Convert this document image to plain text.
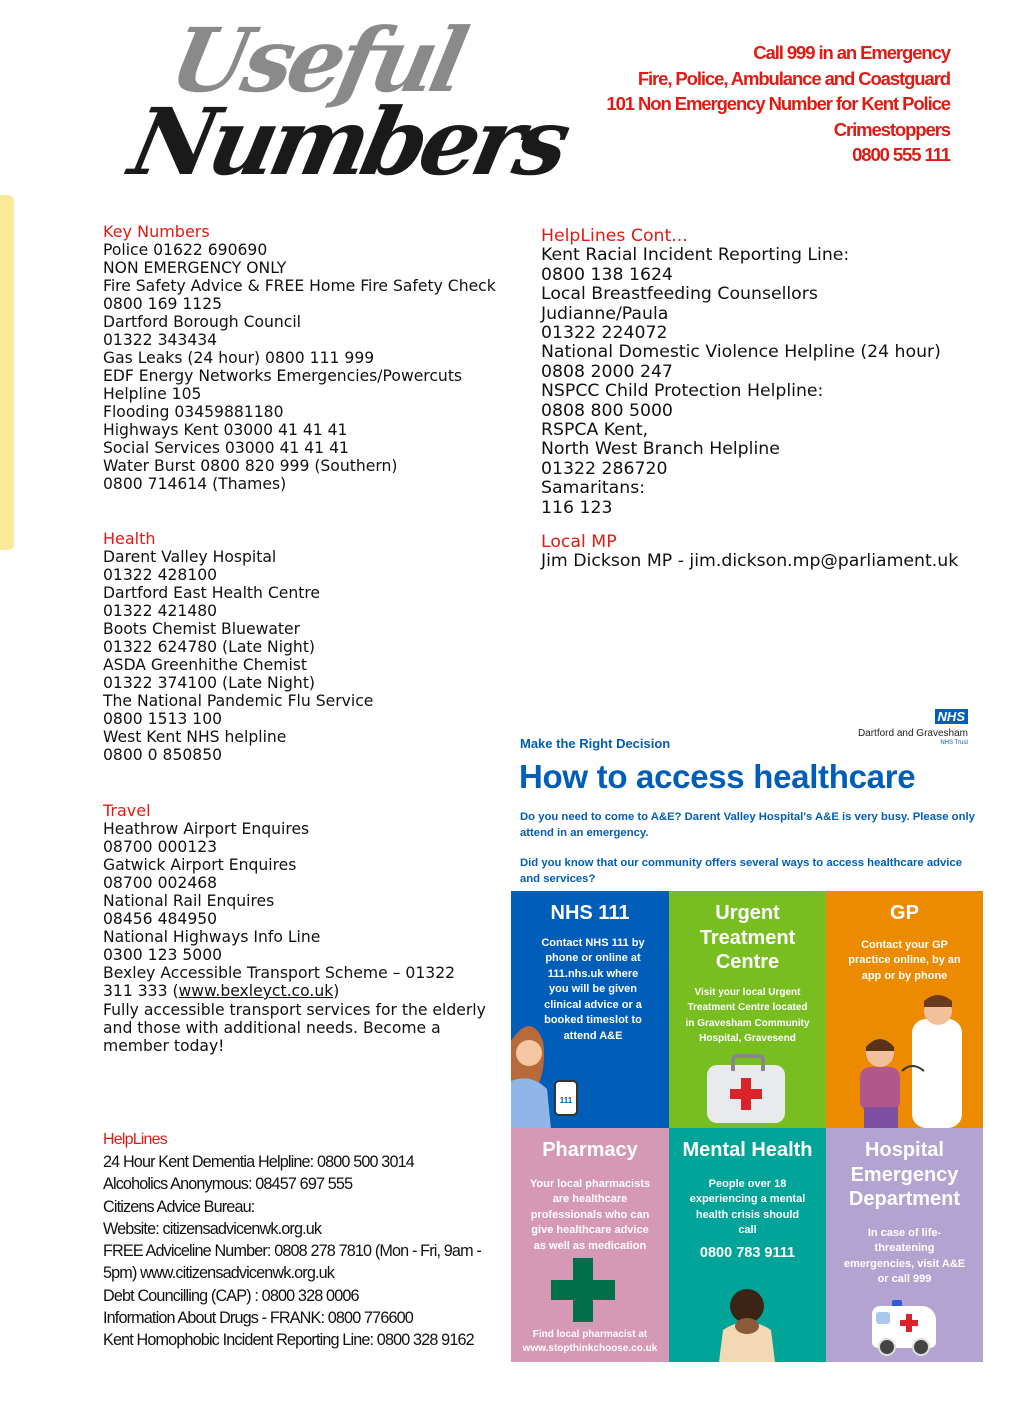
Useful
Numbers
Call 999 in an Emergency
Fire, Police, Ambulance and Coastguard
101 Non Emergency Number for Kent Police
Crimestoppers
0800 555 111
Key Numbers
Police 01622 690690
NON EMERGENCY ONLY
Fire Safety Advice & FREE Home Fire Safety Check
0800 169 1125
Dartford Borough Council
01322 343434
Gas Leaks (24 hour) 0800 111 999
EDF Energy Networks Emergencies/Powercuts
Helpline 105
Flooding 03459881180
Highways Kent 03000 41 41 41
Social Services 03000 41 41 41
Water Burst 0800 820 999 (Southern)
0800 714614 (Thames)
Health
Darent Valley Hospital
01322 428100
Dartford East Health Centre
01322 421480
Boots Chemist Bluewater
01322 624780 (Late Night)
ASDA Greenhithe Chemist
01322 374100 (Late Night)
The National Pandemic Flu Service
0800 1513 100
West Kent NHS helpline
0800 0 850850
Travel
Heathrow Airport Enquires
08700 000123
Gatwick Airport Enquires
08700 002468
National Rail Enquires
08456 484950
National Highways Info Line
0300 123 5000
Bexley Accessible Transport Scheme – 01322 311 333 (www.bexleyct.co.uk)
Fully accessible transport services for the elderly and those with additional needs. Become a member today!
HelpLines
24 Hour Kent Dementia Helpline: 0800 500 3014
Alcoholics Anonymous: 08457 697 555
Citizens Advice Bureau:
Website: citizensadvicenwk.org.uk
FREE Adviceline Number: 0808 278 7810 (Mon - Fri, 9am -
5pm) www.citizensadvicenwk.org.uk
Debt Councilling (CAP) : 0800 328 0006
Information About Drugs - FRANK: 0800 776600
Kent Homophobic Incident Reporting Line: 0800 328 9162
HelpLines Cont...
Kent Racial Incident Reporting Line:
0800 138 1624
Local Breastfeeding Counsellors
Judianne/Paula
01322 224072
National Domestic Violence Helpline (24 hour)
0808 2000 247
NSPCC Child Protection Helpline:
0808 800 5000
RSPCA Kent,
North West Branch Helpline
01322 286720
Samaritans:
116 123
Local MP
Jim Dickson MP - jim.dickson.mp@parliament.uk
NHS
Dartford and Gravesham
NHS Trust
Make the Right Decision
How to access healthcare
Do you need to come to A&E? Darent Valley Hospital's A&E is very busy. Please only attend in an emergency.
Did you know that our community offers several ways to access healthcare advice and services?
NHS 111
Contact NHS 111 by phone or online at 111.nhs.uk where you will be given clinical advice or a booked timeslot to attend A&E
111
Urgent Treatment Centre
Visit your local Urgent Treatment Centre located in Gravesham Community Hospital, Gravesend
GP
Contact your GP practice online, by an app or by phone
Pharmacy
Your local pharmacists are healthcare professionals who can give healthcare advice as well as medication
Find local pharmacist at www.stopthinkchoose.co.uk
Mental Health
People over 18 experiencing a mental health crisis should call
0800 783 9111
Hospital Emergency Department
In case of life-threatening emergencies, visit A&E or call 999
